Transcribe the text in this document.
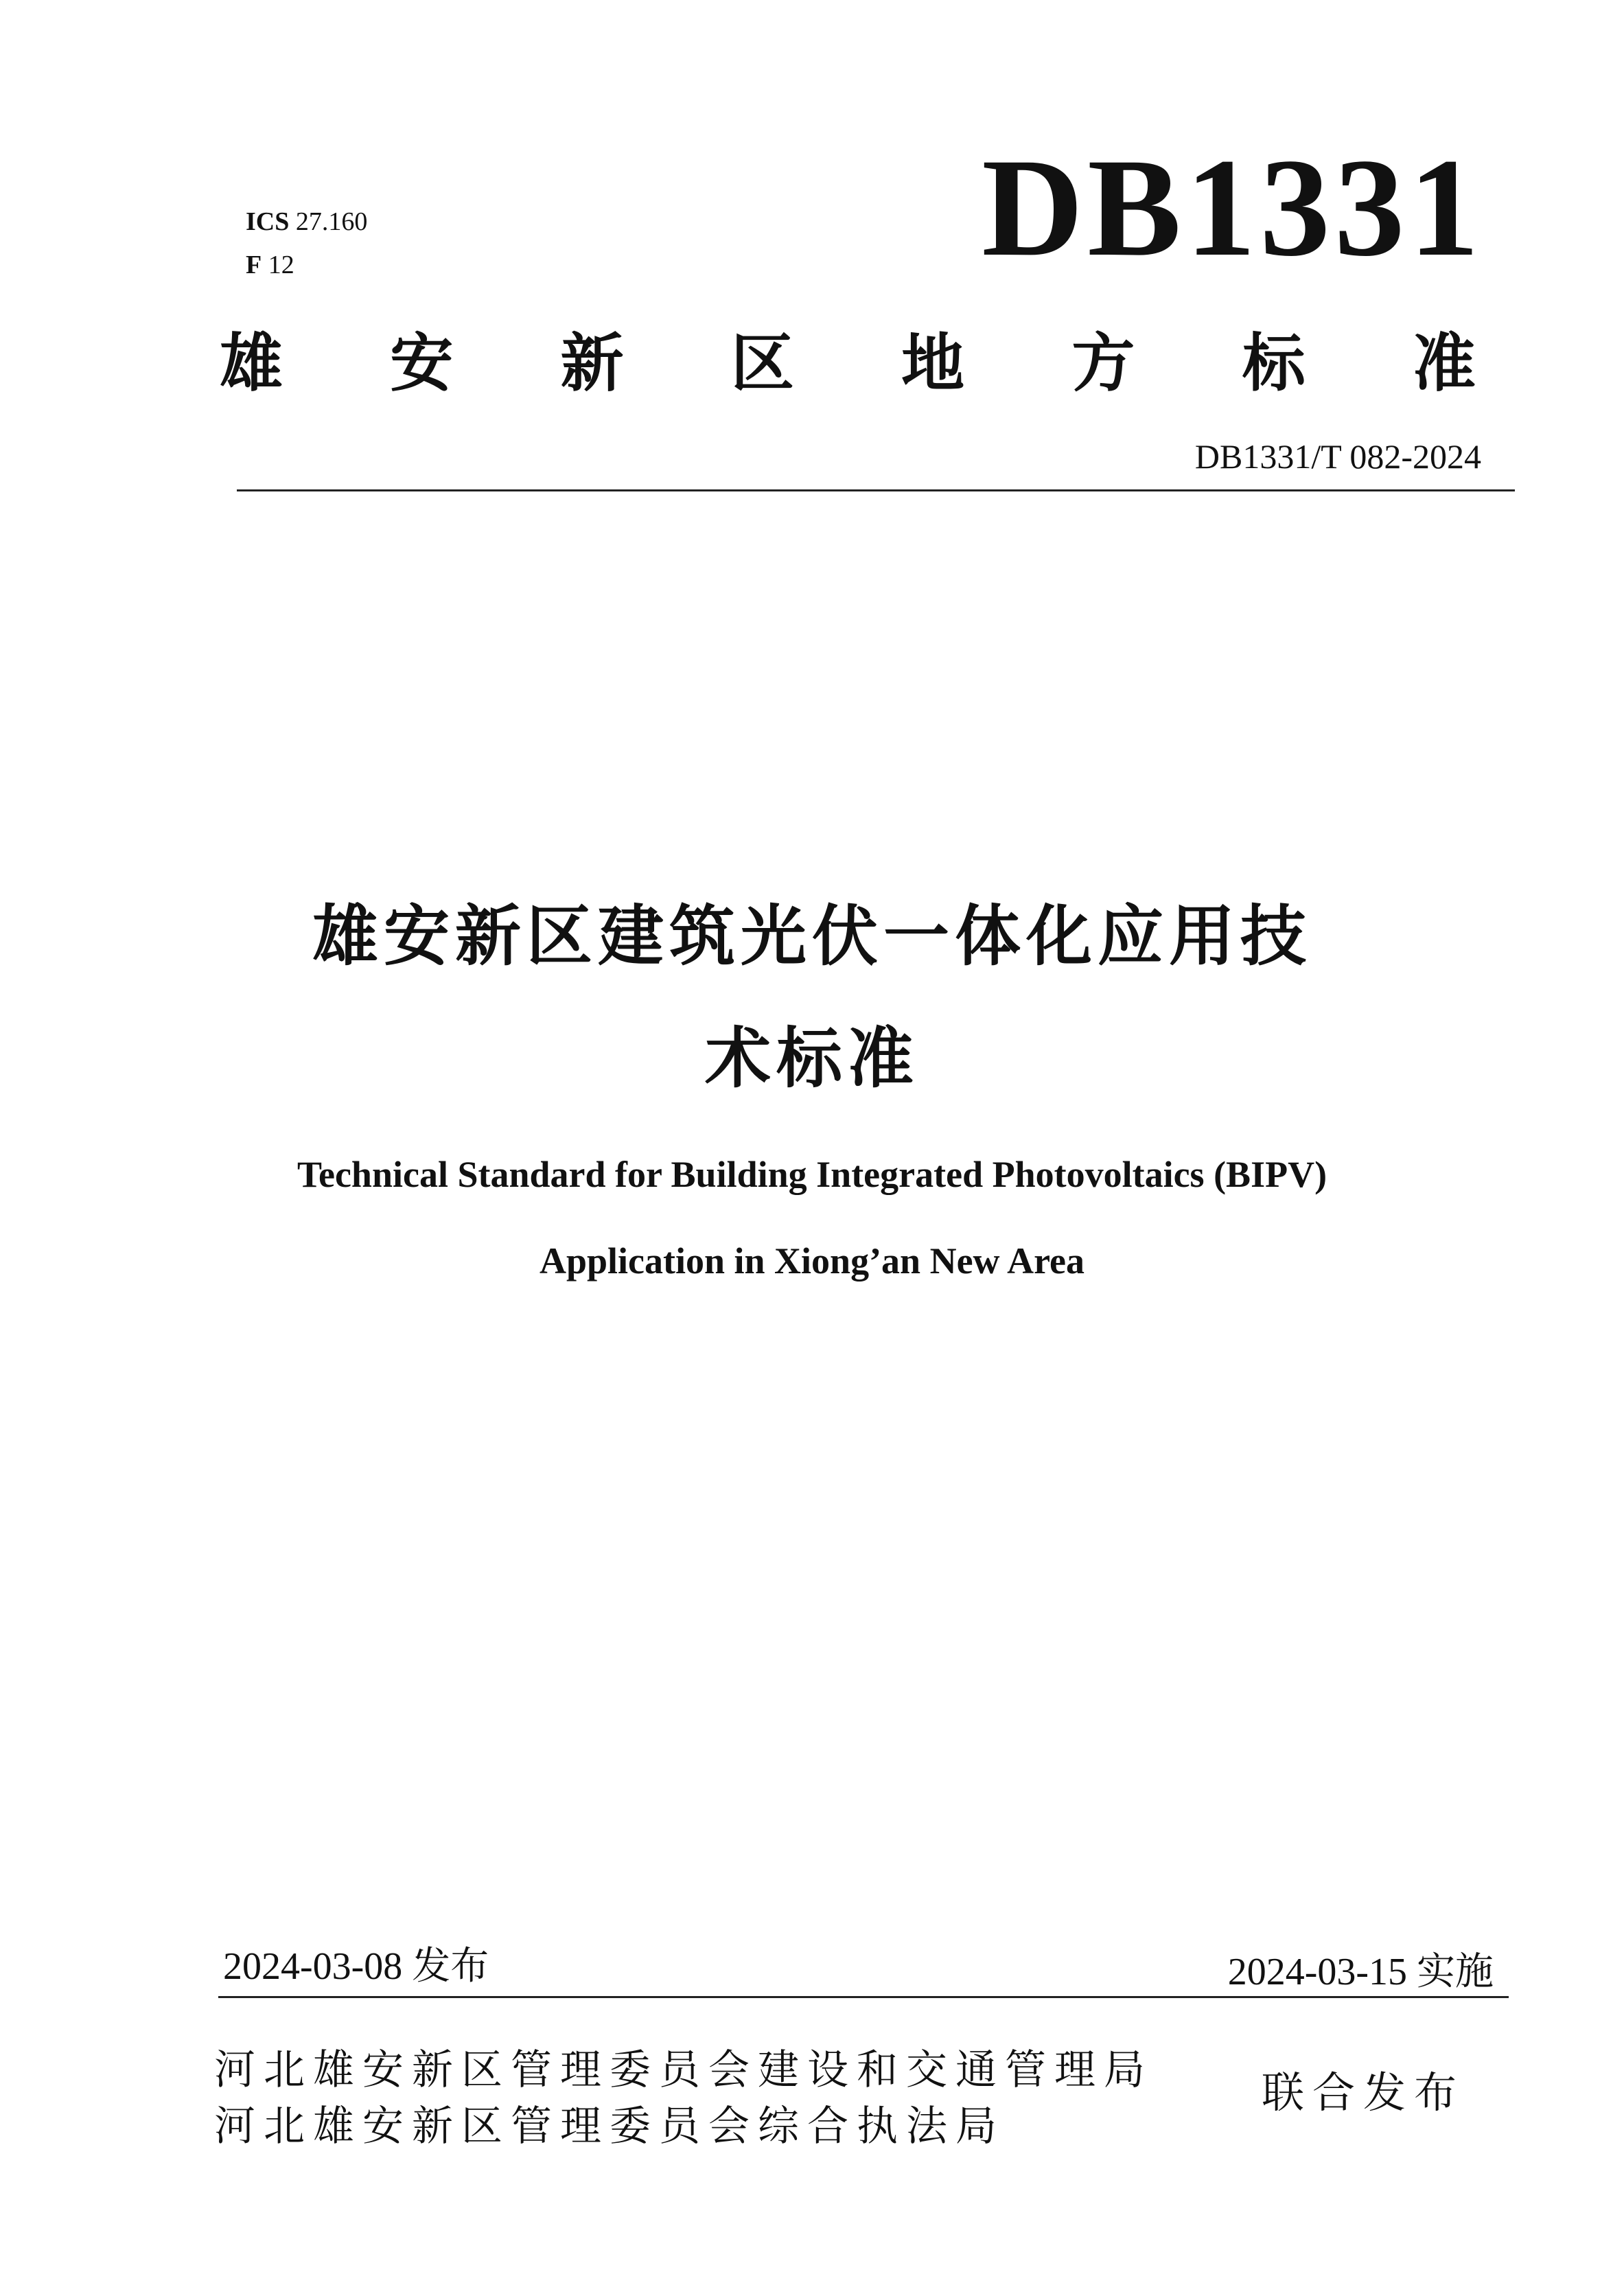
ICS 27.160
F 12	DB1331
雄 安 新 区 地 方 标 准
DB1331/T 082-2024
雄安新区建筑光伏一体化应用技
术标准
Technical Standard for Building Integrated Photovoltaics (BIPV)
Application in Xiong’an New Area
2024-03-08 发布	2024-03-15 实施
河北雄安新区管理委员会建设和交通管理局
河北雄安新区管理委员会综合执法局
联合发布
